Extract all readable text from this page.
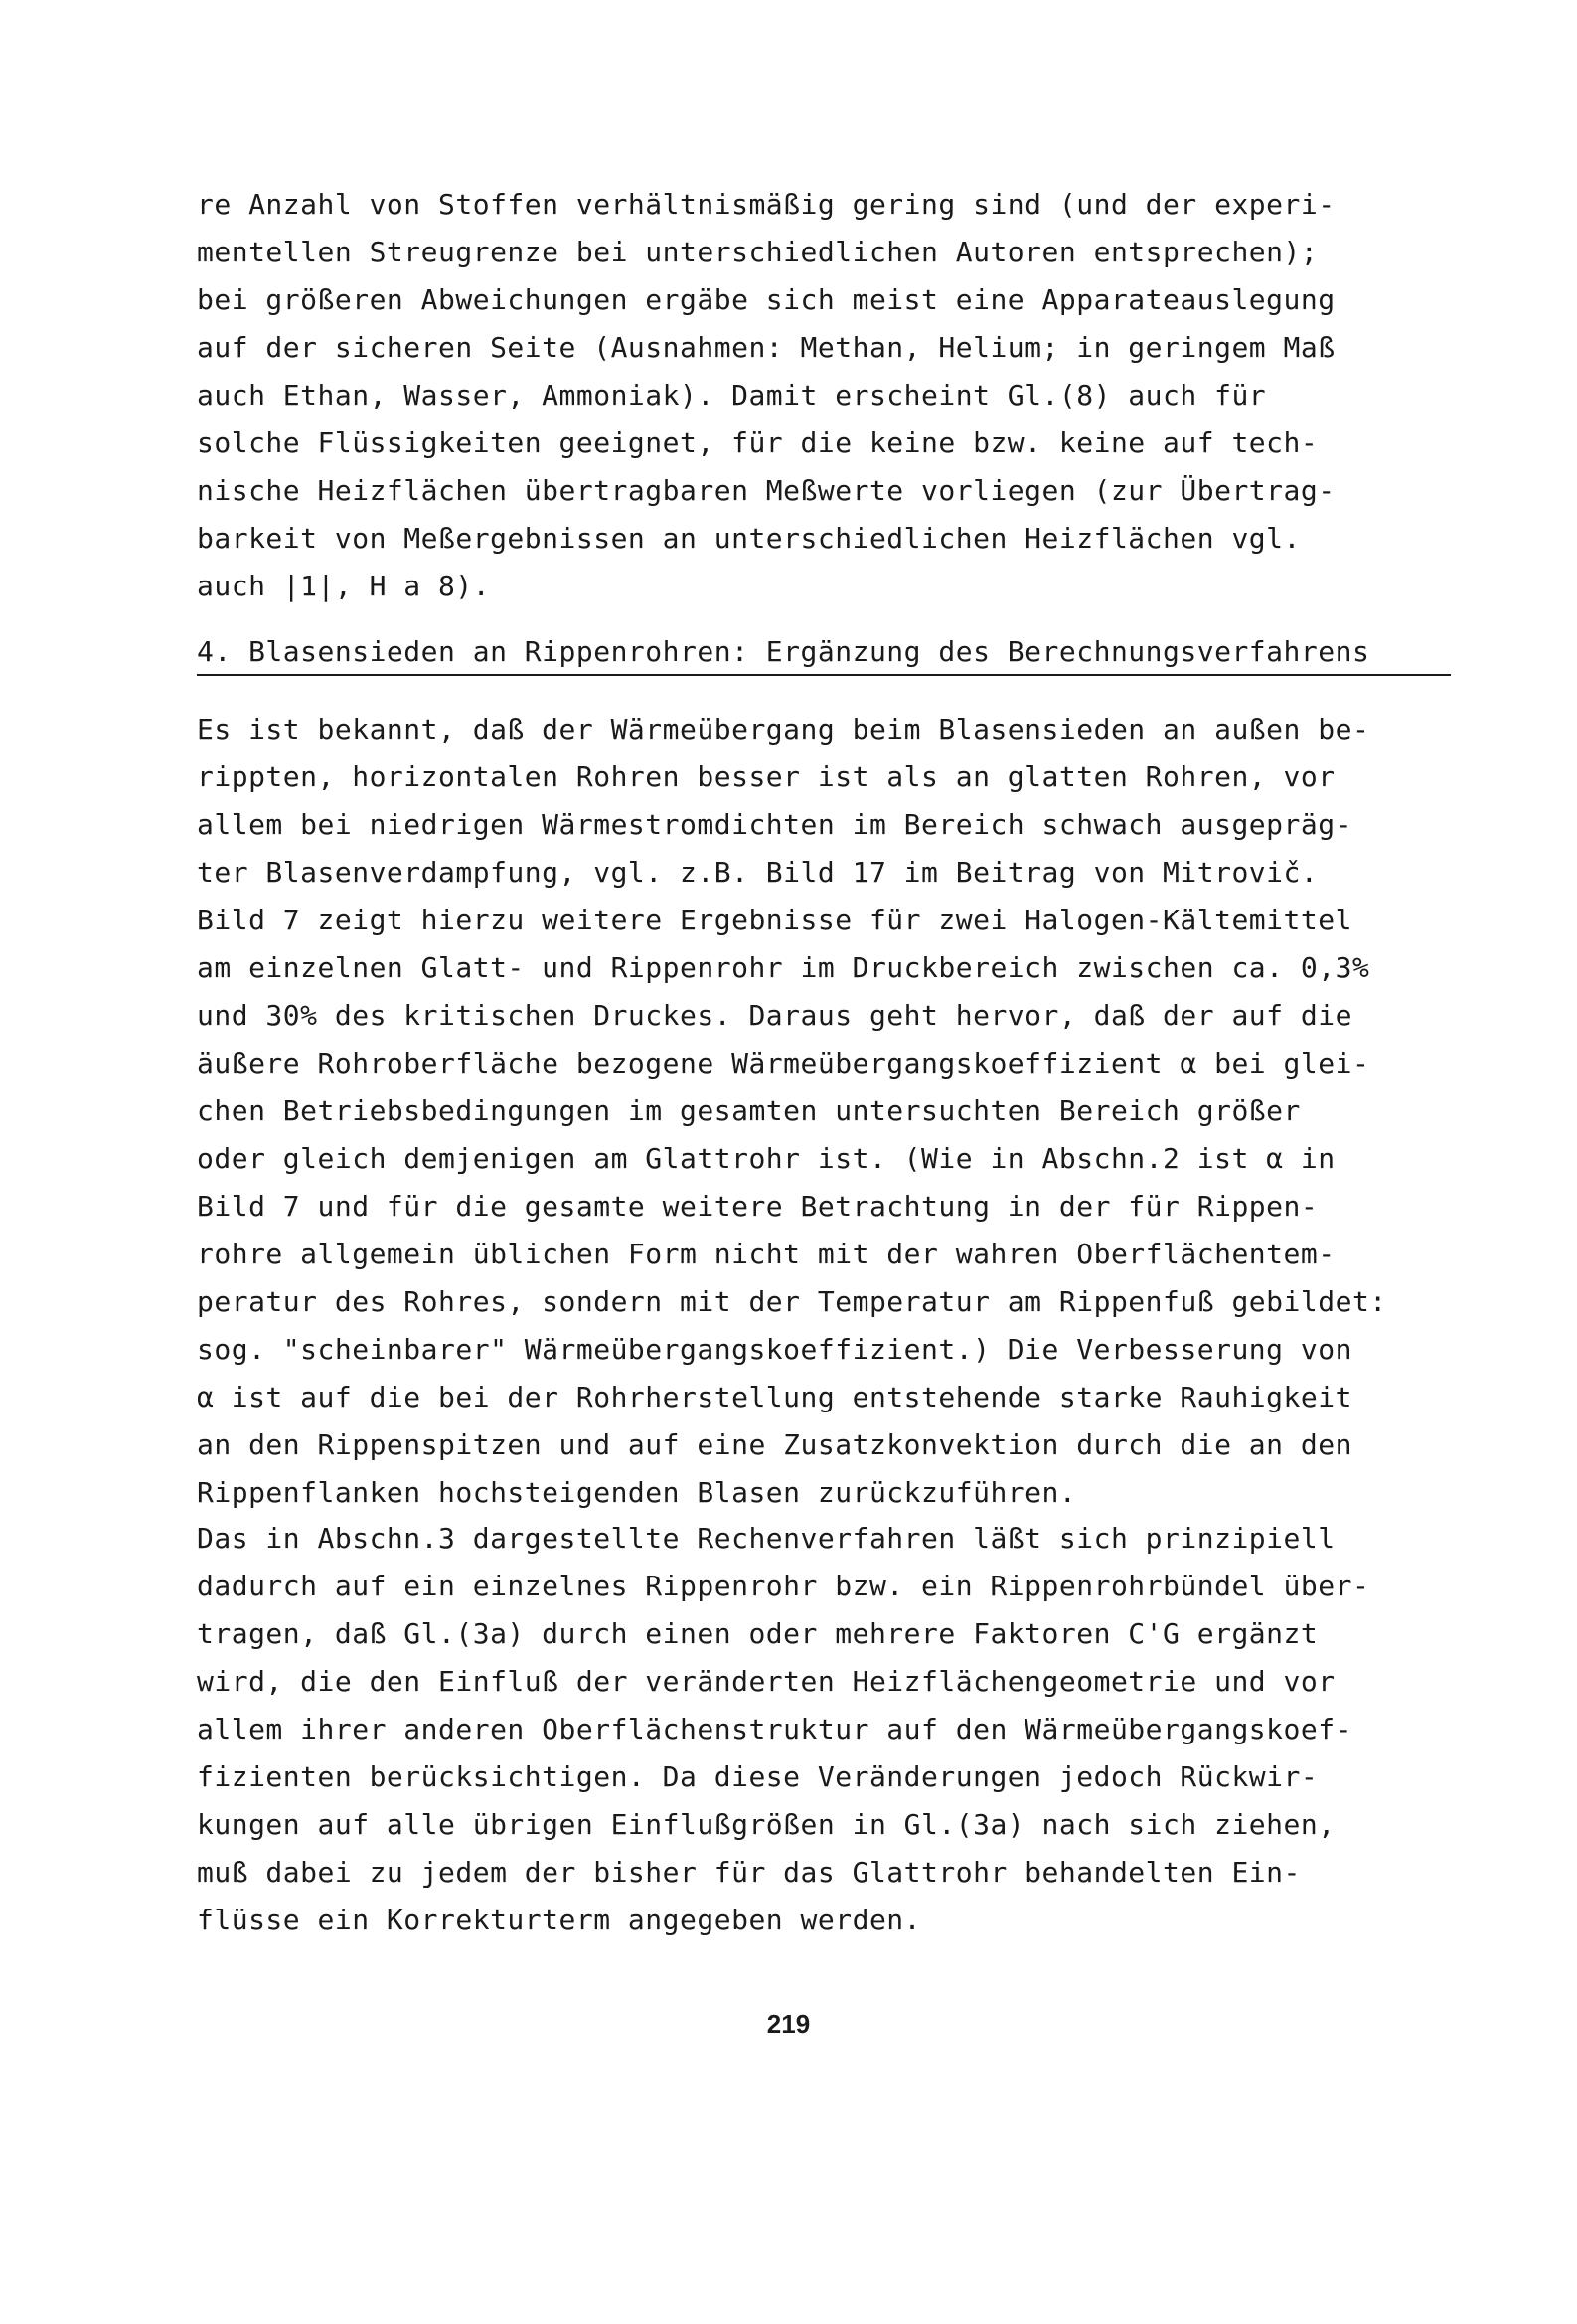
re Anzahl von Stoffen verhältnismäßig gering sind (und der experi-
mentellen Streugrenze bei unterschiedlichen Autoren entsprechen);
bei größeren Abweichungen ergäbe sich meist eine Apparateauslegung
auf der sicheren Seite (Ausnahmen: Methan, Helium; in geringem Maß
auch Ethan, Wasser, Ammoniak). Damit erscheint Gl.(8) auch für
solche Flüssigkeiten geeignet, für die keine bzw. keine auf tech-
nische Heizflächen übertragbaren Meßwerte vorliegen (zur Übertrag-
barkeit von Meßergebnissen an unterschiedlichen Heizflächen vgl.
auch |1|, H a 8).
4. Blasensieden an Rippenrohren: Ergänzung des Berechnungsverfahrens
Es ist bekannt, daß der Wärmeübergang beim Blasensieden an außen be-
rippten, horizontalen Rohren besser ist als an glatten Rohren, vor
allem bei niedrigen Wärmestromdichten im Bereich schwach ausgepräg-
ter Blasenverdampfung, vgl. z.B. Bild 17 im Beitrag von Mitrovič.
Bild 7 zeigt hierzu weitere Ergebnisse für zwei Halogen-Kältemittel
am einzelnen Glatt- und Rippenrohr im Druckbereich zwischen ca. 0,3%
und 30% des kritischen Druckes. Daraus geht hervor, daß der auf die
äußere Rohroberfläche bezogene Wärmeübergangskoeffizient α bei glei-
chen Betriebsbedingungen im gesamten untersuchten Bereich größer
oder gleich demjenigen am Glattrohr ist. (Wie in Abschn.2 ist α in
Bild 7 und für die gesamte weitere Betrachtung in der für Rippen-
rohre allgemein üblichen Form nicht mit der wahren Oberflächentem-
peratur des Rohres, sondern mit der Temperatur am Rippenfuß gebildet:
sog. "scheinbarer" Wärmeübergangskoeffizient.) Die Verbesserung von
α ist auf die bei der Rohrherstellung entstehende starke Rauhigkeit
an den Rippenspitzen und auf eine Zusatzkonvektion durch die an den
Rippenflanken hochsteigenden Blasen zurückzuführen.
Das in Abschn.3 dargestellte Rechenverfahren läßt sich prinzipiell
dadurch auf ein einzelnes Rippenrohr bzw. ein Rippenrohrbündel über-
tragen, daß Gl.(3a) durch einen oder mehrere Faktoren C'G ergänzt
wird, die den Einfluß der veränderten Heizflächengeometrie und vor
allem ihrer anderen Oberflächenstruktur auf den Wärmeübergangskoef-
fizienten berücksichtigen. Da diese Veränderungen jedoch Rückwir-
kungen auf alle übrigen Einflußgrößen in Gl.(3a) nach sich ziehen,
muß dabei zu jedem der bisher für das Glattrohr behandelten Ein-
flüsse ein Korrekturterm angegeben werden.
219
